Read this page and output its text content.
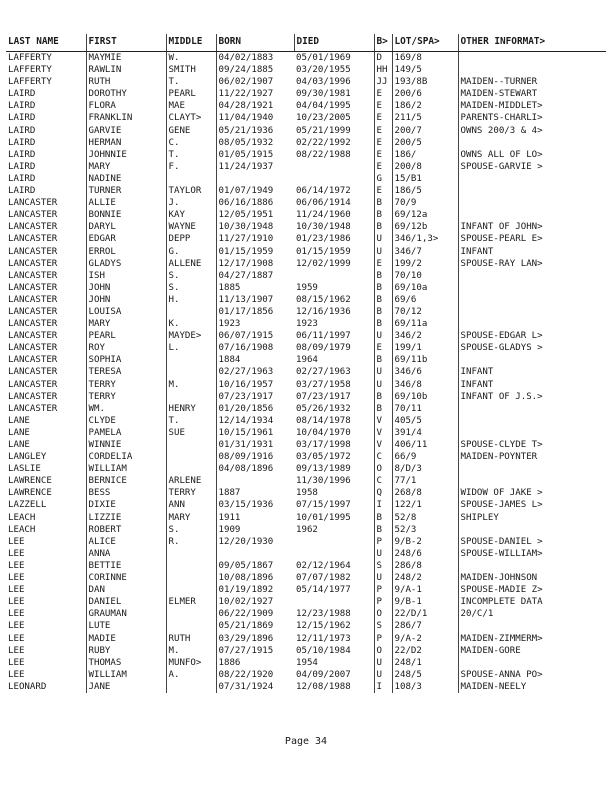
LAST NAME	FIRST	MIDDLE	BORN	DIED	B>	LOT/SPA>	OTHER INFORMAT>
LAFFERTY	MAYMIE	W.	04/02/1883	05/01/1969	D	169/8	
LAFFERTY	RAWLIN	SMITH	09/24/1885	03/20/1955	HH	149/5	
LAFFERTY	RUTH	T.	06/02/1907	04/03/1996	JJ	193/8B	MAIDEN--TURNER
LAIRD	DOROTHY	PEARL	11/22/1927	09/30/1981	E	200/6	MAIDEN-STEWART
LAIRD	FLORA	MAE	04/28/1921	04/04/1995	E	186/2	MAIDEN-MIDDLET>
LAIRD	FRANKLIN	CLAYT>	11/04/1940	10/23/2005	E	211/5	PARENTS-CHARLI>
LAIRD	GARVIE	GENE	05/21/1936	05/21/1999	E	200/7	OWNS 200/3 & 4>
LAIRD	HERMAN	C.	08/05/1932	02/22/1992	E	200/5	
LAIRD	JOHNNIE	T.	01/05/1915	08/22/1988	E	186/	OWNS ALL OF LO>
LAIRD	MARY	F.	11/24/1937		E	200/8	SPOUSE-GARVIE >
LAIRD	NADINE				G	15/B1	
LAIRD	TURNER	TAYLOR	01/07/1949	06/14/1972	E	186/5	
LANCASTER	ALLIE	J.	06/16/1886	06/06/1914	B	70/9	
LANCASTER	BONNIE	KAY	12/05/1951	11/24/1960	B	69/12a	
LANCASTER	DARYL	WAYNE	10/30/1948	10/30/1948	B	69/12b	INFANT OF JOHN>
LANCASTER	EDGAR	DEPP	11/27/1910	01/23/1986	U	346/1,3>	SPOUSE-PEARL E>
LANCASTER	ERROL	G.	01/15/1959	01/15/1959	U	346/7	INFANT
LANCASTER	GLADYS	ALLENE	12/17/1908	12/02/1999	E	199/2	SPOUSE-RAY LAN>
LANCASTER	ISH	S.	04/27/1887		B	70/10	
LANCASTER	JOHN	S.	1885	1959	B	69/10a	
LANCASTER	JOHN	H.	11/13/1907	08/15/1962	B	69/6	
LANCASTER	LOUISA		01/17/1856	12/16/1936	B	70/12	
LANCASTER	MARY	K.	1923	1923	B	69/11a	
LANCASTER	PEARL	MAYDE>	06/07/1915	06/11/1997	U	346/2	SPOUSE-EDGAR L>
LANCASTER	ROY	L.	07/16/1908	08/09/1979	E	199/1	SPOUSE-GLADYS >
LANCASTER	SOPHIA		1884	1964	B	69/11b	
LANCASTER	TERESA		02/27/1963	02/27/1963	U	346/6	INFANT
LANCASTER	TERRY	M.	10/16/1957	03/27/1958	U	346/8	INFANT
LANCASTER	TERRY		07/23/1917	07/23/1917	B	69/10b	INFANT OF J.S.>
LANCASTER	WM.	HENRY	01/20/1856	05/26/1932	B	70/11	
LANE	CLYDE	T.	12/14/1934	08/14/1978	V	405/5	
LANE	PAMELA	SUE	10/15/1961	10/04/1970	V	391/4	
LANE	WINNIE		01/31/1931	03/17/1998	V	406/11	SPOUSE-CLYDE T>
LANGLEY	CORDELIA		08/09/1916	03/05/1972	C	66/9	MAIDEN-POYNTER
LASLIE	WILLIAM		04/08/1896	09/13/1989	O	8/D/3	
LAWRENCE	BERNICE	ARLENE		11/30/1996	C	77/1	
LAWRENCE	BESS	TERRY	1887	1958	Q	268/8	WIDOW OF JAKE >
LAZZELL	DIXIE	ANN	03/15/1936	07/15/1997	I	122/1	SPOUSE-JAMES L>
LEACH	LIZZIE	MARY	1911	10/01/1995	B	52/8	SHIPLEY
LEACH	ROBERT	S.	1909	1962	B	52/3	
LEE	ALICE	R.	12/20/1930		P	9/B-2	SPOUSE-DANIEL >
LEE	ANNA				U	248/6	SPOUSE-WILLIAM>
LEE	BETTIE		09/05/1867	02/12/1964	S	286/8	
LEE	CORINNE		10/08/1896	07/07/1982	U	248/2	MAIDEN-JOHNSON
LEE	DAN		01/19/1892	05/14/1977	P	9/A-1	SPOUSE-MADIE Z>
LEE	DANIEL	ELMER	10/02/1927		P	9/B-1	INCOMPLETE DATA
LEE	GRAUMAN		06/22/1909	12/23/1988	O	22/D/1	20/C/1
LEE	LUTE		05/21/1869	12/15/1962	S	286/7	
LEE	MADIE	RUTH	03/29/1896	12/11/1973	P	9/A-2	MAIDEN-ZIMMERM>
LEE	RUBY	M.	07/27/1915	05/10/1984	O	22/D2	MAIDEN-GORE
LEE	THOMAS	MUNFO>	1886	1954	U	248/1	
LEE	WILLIAM	A.	08/22/1920	04/09/2007	U	248/5	SPOUSE-ANNA PO>
LEONARD	JANE		07/31/1924	12/08/1988	I	108/3	MAIDEN-NEELY
Page 34
